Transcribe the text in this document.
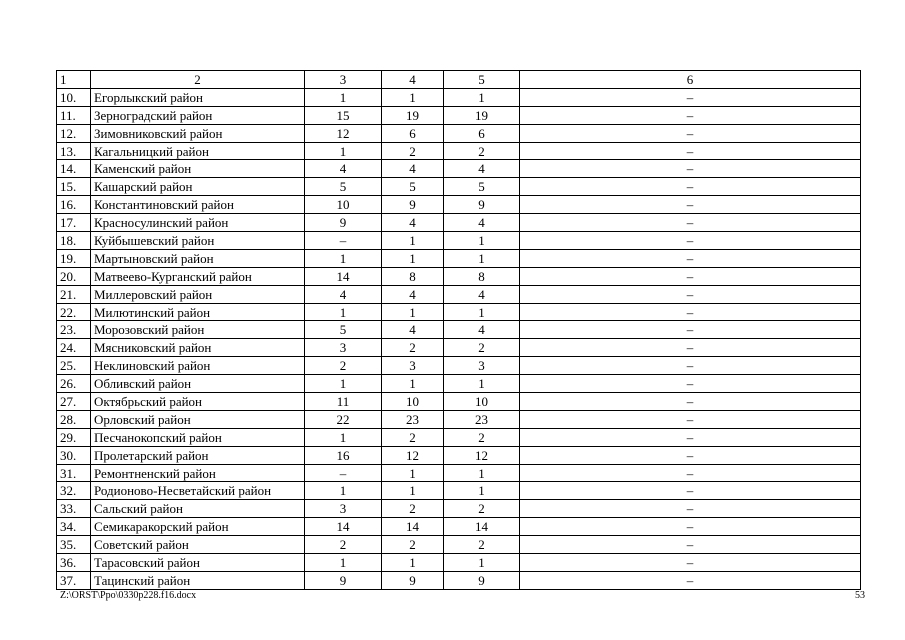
1	2	3	4	5	6
10.	Егорлыкский район	1	1	1	–
11.	Зерноградский район	15	19	19	–
12.	Зимовниковский район	12	6	6	–
13.	Кагальницкий район	1	2	2	–
14.	Каменский район	4	4	4	–
15.	Кашарский район	5	5	5	–
16.	Константиновский район	10	9	9	–
17.	Красносулинский район	9	4	4	–
18.	Куйбышевский район	–	1	1	–
19.	Мартыновский район	1	1	1	–
20.	Матвеево-Курганский район	14	8	8	–
21.	Миллеровский район	4	4	4	–
22.	Милютинский район	1	1	1	–
23.	Морозовский район	5	4	4	–
24.	Мясниковский район	3	2	2	–
25.	Неклиновский район	2	3	3	–
26.	Обливский район	1	1	1	–
27.	Октябрьский район	11	10	10	–
28.	Орловский район	22	23	23	–
29.	Песчанокопский район	1	2	2	–
30.	Пролетарский район	16	12	12	–
31.	Ремонтненский район	–	1	1	–
32.	Родионово-Несветайский район	1	1	1	–
33.	Сальский район	3	2	2	–
34.	Семикаракорский район	14	14	14	–
35.	Советский район	2	2	2	–
36.	Тарасовский район	1	1	1	–
37.	Тацинский район	9	9	9	–
Z:\ORST\Ppo\0330p228.f16.docx	53
